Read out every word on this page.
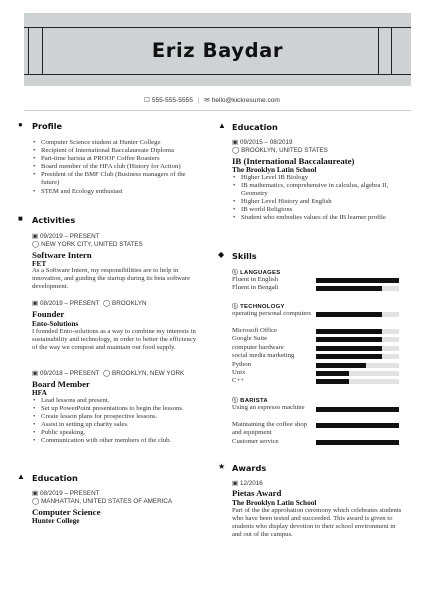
Eriz Baydar
☐ 555-555-5555 | ✉ hello@kickresume.com
● Profile
• Computer Science student at Hunter College
• Recipient of International Baccalaureate Diploma
• Part-time barista at PROOF Coffee Roasters
• Board member of the HFA club (History for Action)
• President of the BMF Club (Business managers of the future)
• STEM and Ecology enthusiast
■ Activities
▣ 09/2019 – PRESENT
◯ NEW YORK CITY, UNITED STATES
Software Intern
FET
As a Software Intern, my responsibilities are to help in innovation, and guiding the startup during its beta software development.
▣ 08/2019 – PRESENT ◯ BROOKLYN
Founder
Ento-Solutions
I founded Ento-solutions as a way to combine my interests in sustainability and technology, in order to better the efficiency of the way we compost and maintain our food supply.
▣ 09/2018 – PRESENT ◯ BROOKLYN, NEW YORK
Board Member
HFA
• Lead lessons and present.
• Set up PowerPoint presentations to begin the lessons.
• Create lesson plans for prospective lessons.
• Assist in setting up charity sales.
• Public speaking.
• Communication with other members of the club.
▲ Education
▣ 08/2019 – PRESENT
◯ MANHATTAN, UNITED STATES OF AMERICA
Computer Science
Hunter College
▲ Education
▣ 09/2015 – 08/2019
◯ BROOKLYN, UNITED STATES
IB (International Baccalaureate)
The Brooklyn Latin School
• Higher Level IB Biology
• IB mathematics, comprehensive in calculus, algebra II, Geometry
• Higher Level History and English
• IB world Religions
• Student who embodies values of the IB learner profile
◆ Skills
ⓘ LANGUAGES
Fluent in English
Fluent in Bengali
ⓘ TECHNOLOGY
operating personal computers
Microsoft Office
Google Suite
computer hardware
social media marketing
Python
Unix
C++
ⓘ BARISTA
Using an espresso machine
Maintaining the coffee shop and equipment
Customer service
★ Awards
▣ 12/2016
Pietas Award
The Brooklyn Latin School
Part of the the approbation ceremony which celebrates students who have been tested and succeeded. This award is given to students who display devotion to their school environment in and out of the campus.
